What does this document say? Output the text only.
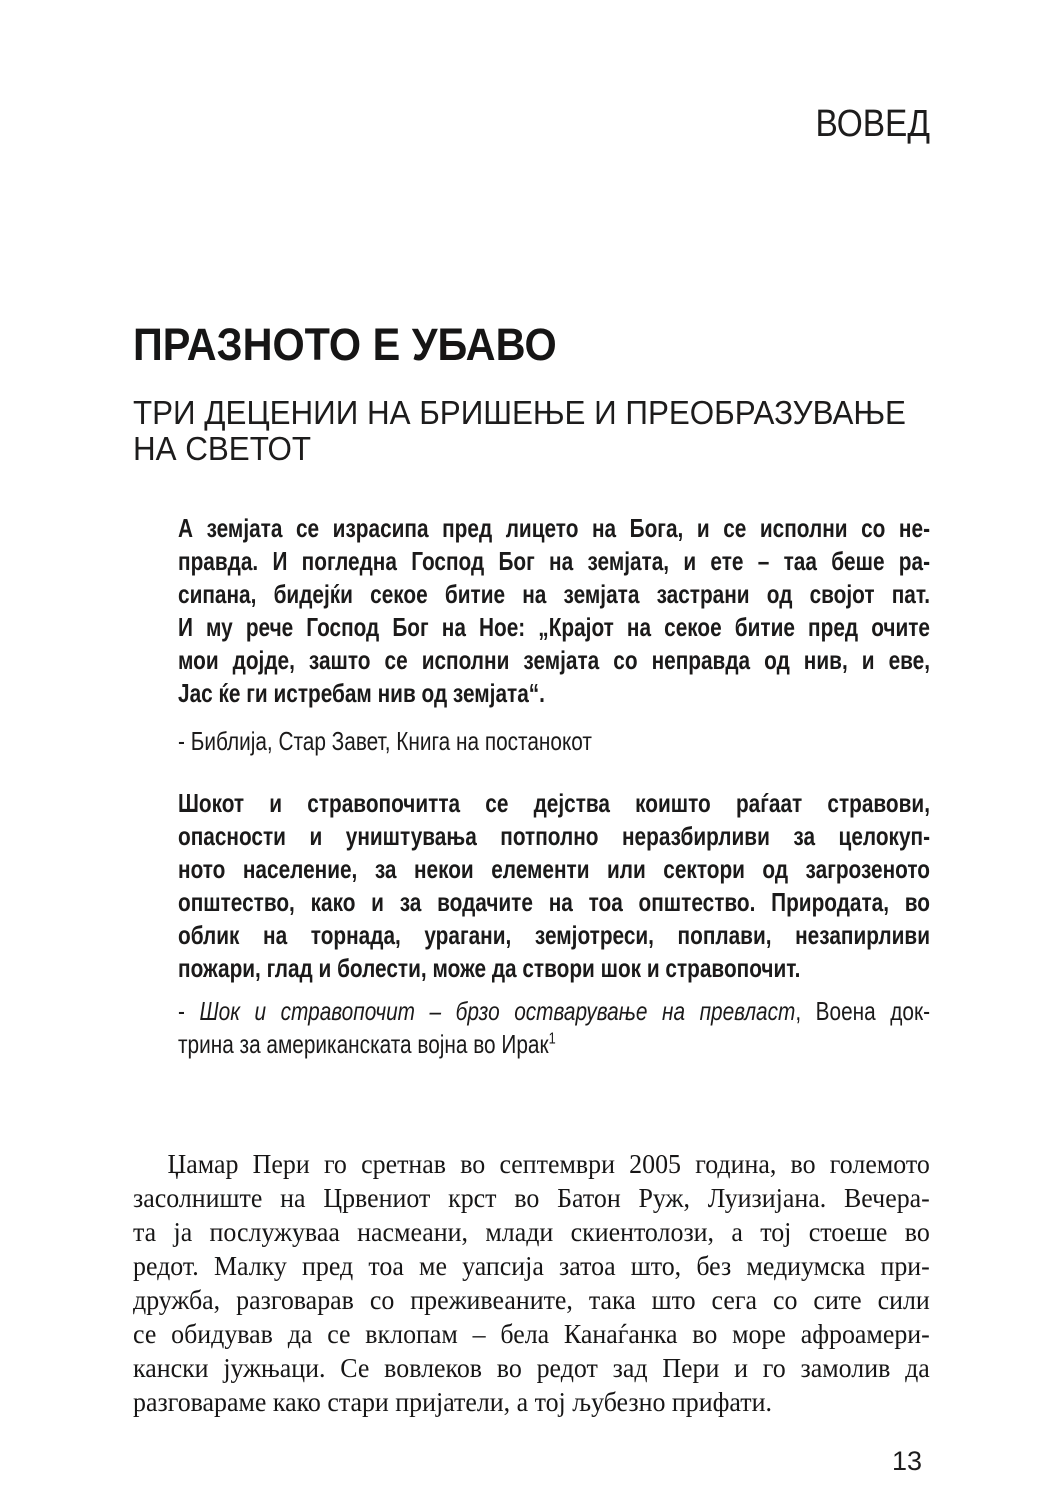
ВОВЕД
ПРАЗНОТО Е УБАВО
ТРИ ДЕЦЕНИИ НА БРИШЕЊЕ И ПРЕОБРАЗУВАЊЕ
НА СВЕТОТ
А земјата се израсипа пред лицето на Бога, и се исполни со не-
правда. И погледна Господ Бог на земјата, и ете – таа беше ра-
сипана, бидејќи секое битие на земјата застрани од својот пат.
И му рече Господ Бог на Ное: „Крајот на секое битие пред очите
мои дојде, зашто се исполни земјата со неправда од нив, и еве,
Јас ќе ги истребам нив од земјата“.
- Библија, Стар Завет, Книга на постанокот
Шокот и стравопочитта се дејства коишто раѓаат стравови,
опасности и уништувања потполно неразбирливи за целокуп-
ното население, за некои елементи или сектори од загрозеното
општество, како и за водачите на тоа општество. Природата, во
облик на торнада, урагани, земјотреси, поплави, незапирливи
пожари, глад и болести, може да створи шок и стравопочит.
- Шок и стравопочит – брзо остварување на превласт, Воена док-
трина за американската војна во Ирак$^1$
Џамар Пери го сретнав во септември 2005 година, во големото
засолниште на Црвениот крст во Батон Руж, Луизијана. Вечера-
та ја послужуваа насмеани, млади скиентолози, а тој стоеше во
редот. Малку пред тоа ме уапсија затоа што, без медиумска при-
дружба, разговарав со преживеаните, така што сега со сите сили
се обидував да се вклопам – бела Канаѓанка во море афроамери-
кански јужњаци. Се вовлеков во редот зад Пери и го замолив да
разговараме како стари пријатели, а тој љубезно прифати.
13
